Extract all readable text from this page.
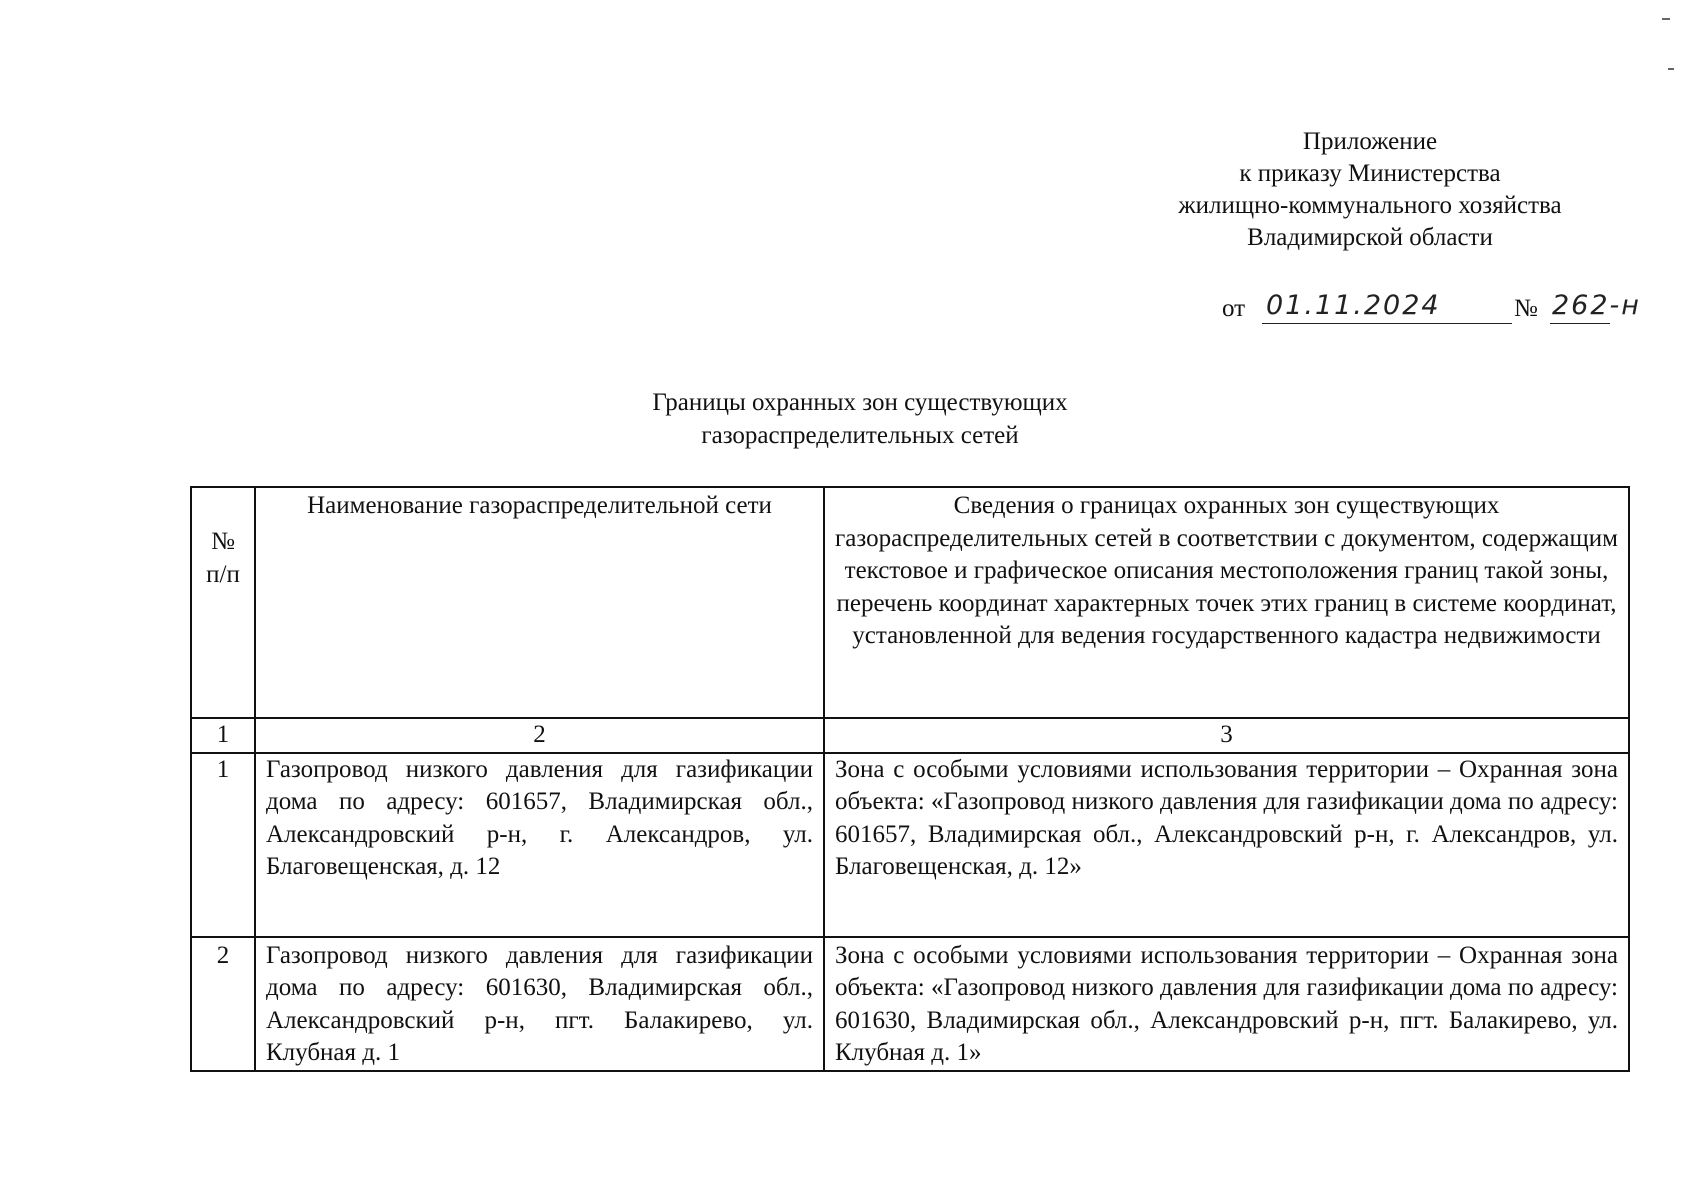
Приложение
к приказу Министерства
жилищно-коммунального хозяйства
Владимирской области
от 01.11.2024	№ 262-н
Границы охранных зон существующих
газораспределительных сетей
№ п/п	Наименование газораспределительной сети	Сведения о границах охранных зон существующих газораспределительных сетей в соответствии с документом, содержащим текстовое и графическое описания местоположения границ такой зоны, перечень координат характерных точек этих границ в системе координат, установленной для ведения государственного кадастра недвижимости
1	2	3
1	Газопровод низкого давления для газификации дома по адресу: 601657, Владимирская обл., Александровский р-н, г. Александров, ул. Благовещенская, д. 12	Зона с особыми условиями использования территории – Охранная зона объекта: «Газопровод низкого давления для газификации дома по адресу: 601657, Владимирская обл., Александровский р-н, г. Александров, ул. Благовещенская, д. 12»
2	Газопровод низкого давления для газификации дома по адресу: 601630, Владимирская обл., Александровский р-н, пгт. Балакирево, ул. Клубная д. 1	Зона с особыми условиями использования территории – Охранная зона объекта: «Газопровод низкого давления для газификации дома по адресу: 601630, Владимирская обл., Александровский р-н, пгт. Балакирево, ул. Клубная д. 1»
